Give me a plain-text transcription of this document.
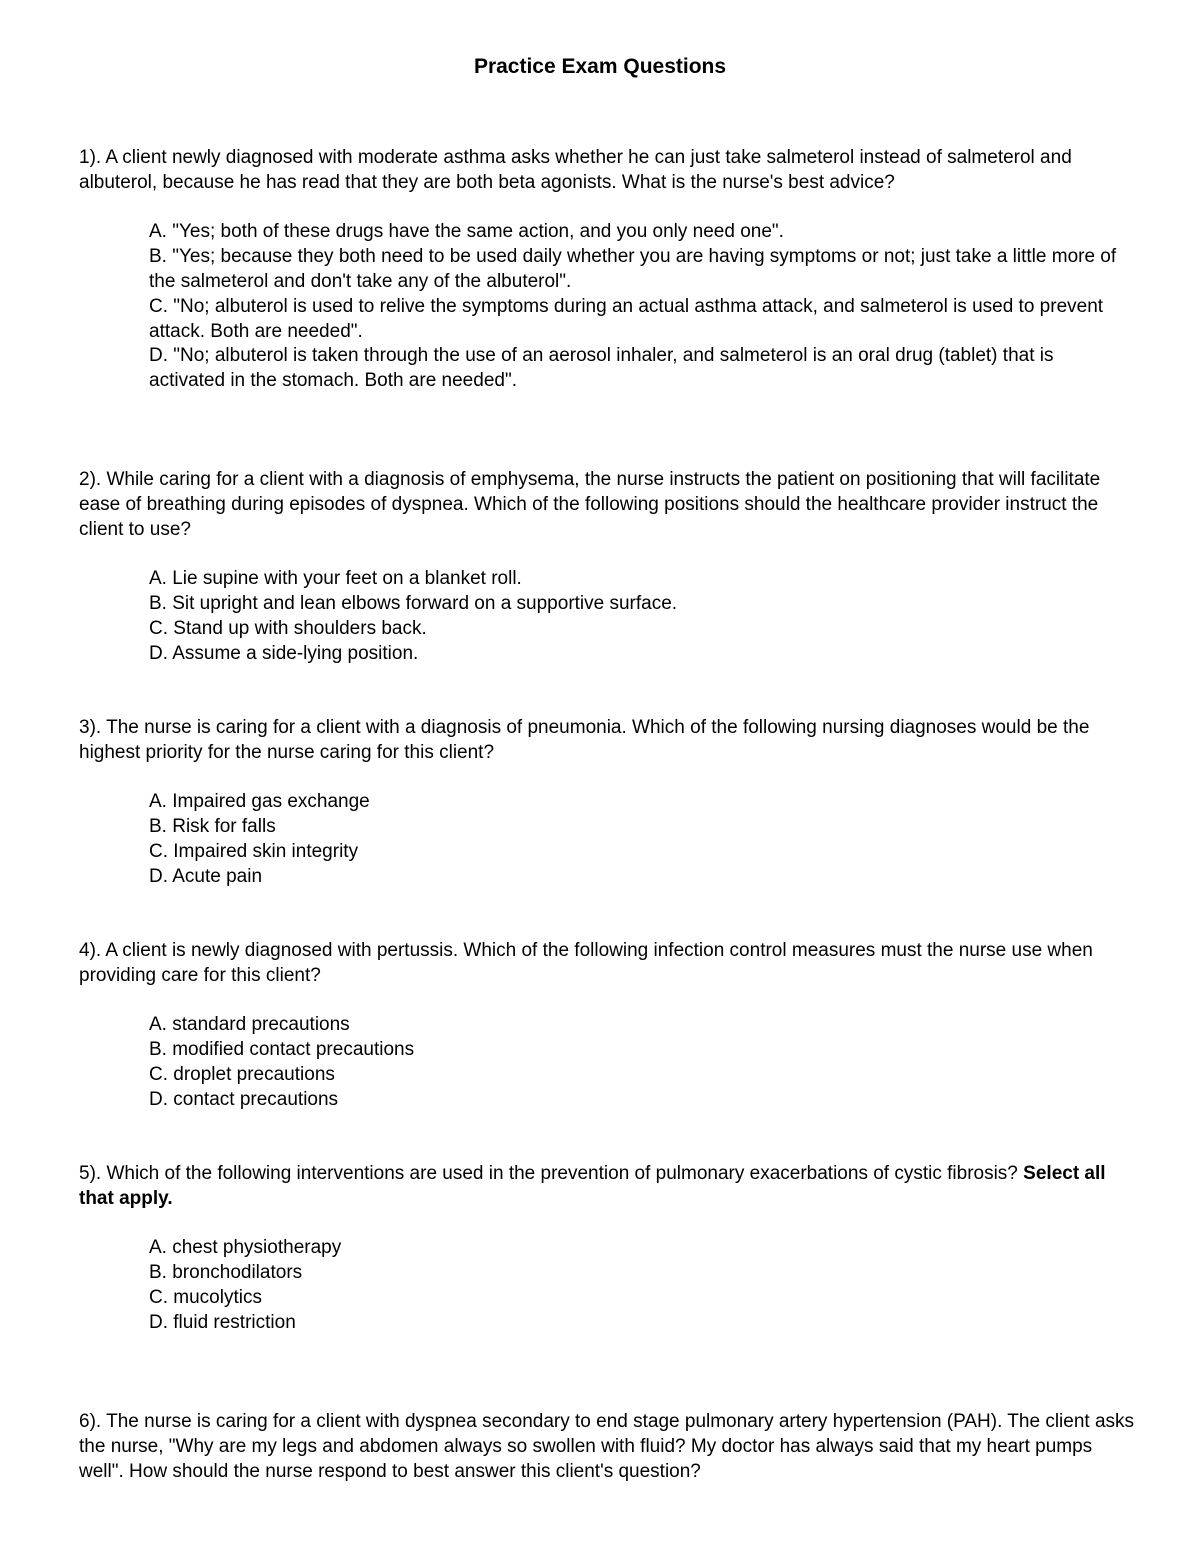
Practice Exam Questions

1). A client newly diagnosed with moderate asthma asks whether he can just take salmeterol instead of salmeterol and albuterol, because he has read that they are both beta agonists. What is the nurse's best advice?

A. "Yes; both of these drugs have the same action, and you only need one".
B. "Yes; because they both need to be used daily whether you are having symptoms or not; just take a little more of the salmeterol and don't take any of the albuterol".
C. "No; albuterol is used to relive the symptoms during an actual asthma attack, and salmeterol is used to prevent attack. Both are needed".
D. "No; albuterol is taken through the use of an aerosol inhaler, and salmeterol is an oral drug (tablet) that is activated in the stomach. Both are needed".

2). While caring for a client with a diagnosis of emphysema, the nurse instructs the patient on positioning that will facilitate ease of breathing during episodes of dyspnea. Which of the following positions should the healthcare provider instruct the client to use?

A. Lie supine with your feet on a blanket roll.
B. Sit upright and lean elbows forward on a supportive surface.
C. Stand up with shoulders back.
D. Assume a side-lying position.

3). The nurse is caring for a client with a diagnosis of pneumonia. Which of the following nursing diagnoses would be the highest priority for the nurse caring for this client?

A. Impaired gas exchange
B. Risk for falls
C. Impaired skin integrity
D. Acute pain

4). A client is newly diagnosed with pertussis. Which of the following infection control measures must the nurse use when providing care for this client?

A. standard precautions
B. modified contact precautions
C. droplet precautions
D. contact precautions

5). Which of the following interventions are used in the prevention of pulmonary exacerbations of cystic fibrosis? Select all that apply.

A. chest physiotherapy
B. bronchodilators
C. mucolytics
D. fluid restriction

6). The nurse is caring for a client with dyspnea secondary to end stage pulmonary artery hypertension (PAH). The client asks the nurse, "Why are my legs and abdomen always so swollen with fluid? My doctor has always said that my heart pumps well". How should the nurse respond to best answer this client's question?
